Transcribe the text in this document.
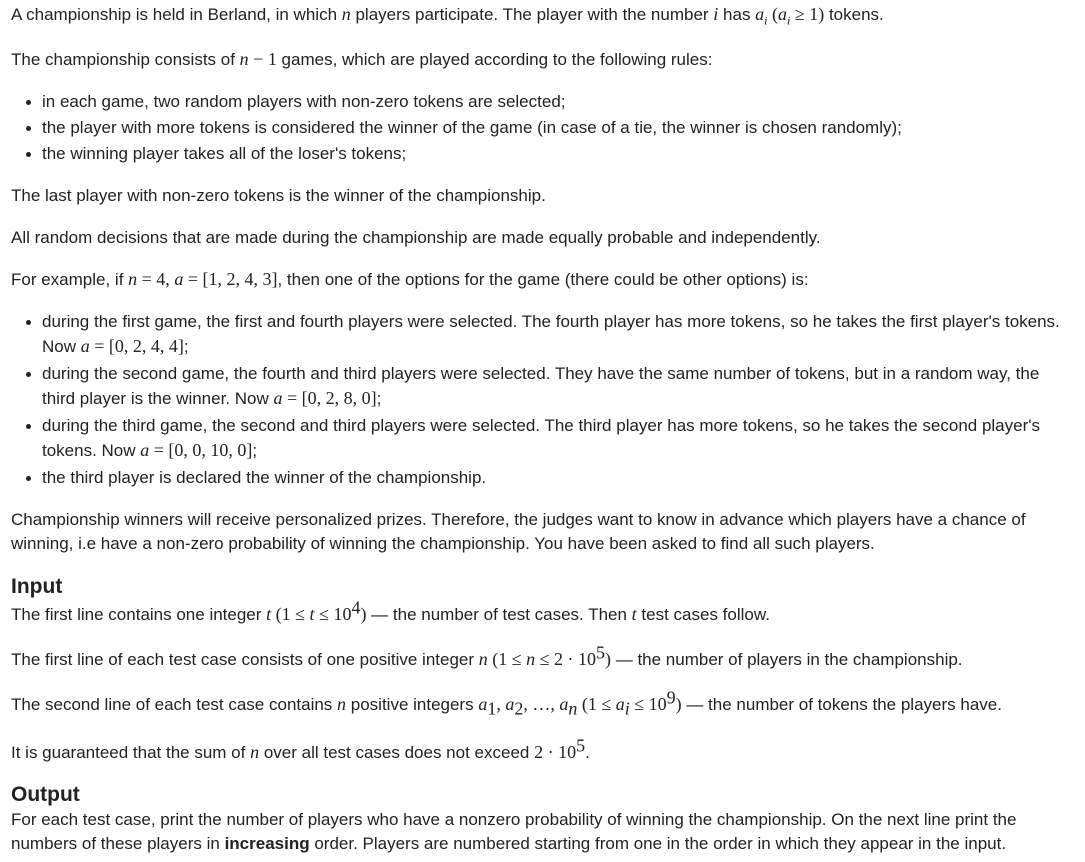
A championship is held in Berland, in which n players participate. The player with the number i has $a_i$ $(a_i \ge 1)$ tokens.

The championship consists of n − 1 games, which are played according to the following rules:

in each game, two random players with non-zero tokens are selected;
the player with more tokens is considered the winner of the game (in case of a tie, the winner is chosen randomly);
the winning player takes all of the loser's tokens;

The last player with non-zero tokens is the winner of the championship.

All random decisions that are made during the championship are made equally probable and independently.

For example, if n = 4, a = [1, 2, 4, 3], then one of the options for the game (there could be other options) is:

during the first game, the first and fourth players were selected. The fourth player has more tokens, so he takes the first player's tokens.
Now a = [0, 2, 4, 4];
during the second game, the fourth and third players were selected. They have the same number of tokens, but in a random way, the
third player is the winner. Now a = [0, 2, 8, 0];
during the third game, the second and third players were selected. The third player has more tokens, so he takes the second player's
tokens. Now a = [0, 0, 10, 0];
the third player is declared the winner of the championship.

Championship winners will receive personalized prizes. Therefore, the judges want to know in advance which players have a chance of winning, i.e have a non-zero probability of winning the championship. You have been asked to find all such players.

Input

The first line contains one integer t $(1 \le t \le 10^4)$ — the number of test cases. Then t test cases follow.

The first line of each test case consists of one positive integer n $(1 \le n \le 2 \cdot 10^5)$ — the number of players in the championship.

The second line of each test case contains n positive integers $a_1$, $a_2$, …, $a_n$ $(1 \le a_i \le 10^9)$ — the number of tokens the players have.

It is guaranteed that the sum of n over all test cases does not exceed $2 \cdot 10^5$.

Output

For each test case, print the number of players who have a nonzero probability of winning the championship. On the next line print the numbers of these players in increasing order. Players are numbered starting from one in the order in which they appear in the input.
